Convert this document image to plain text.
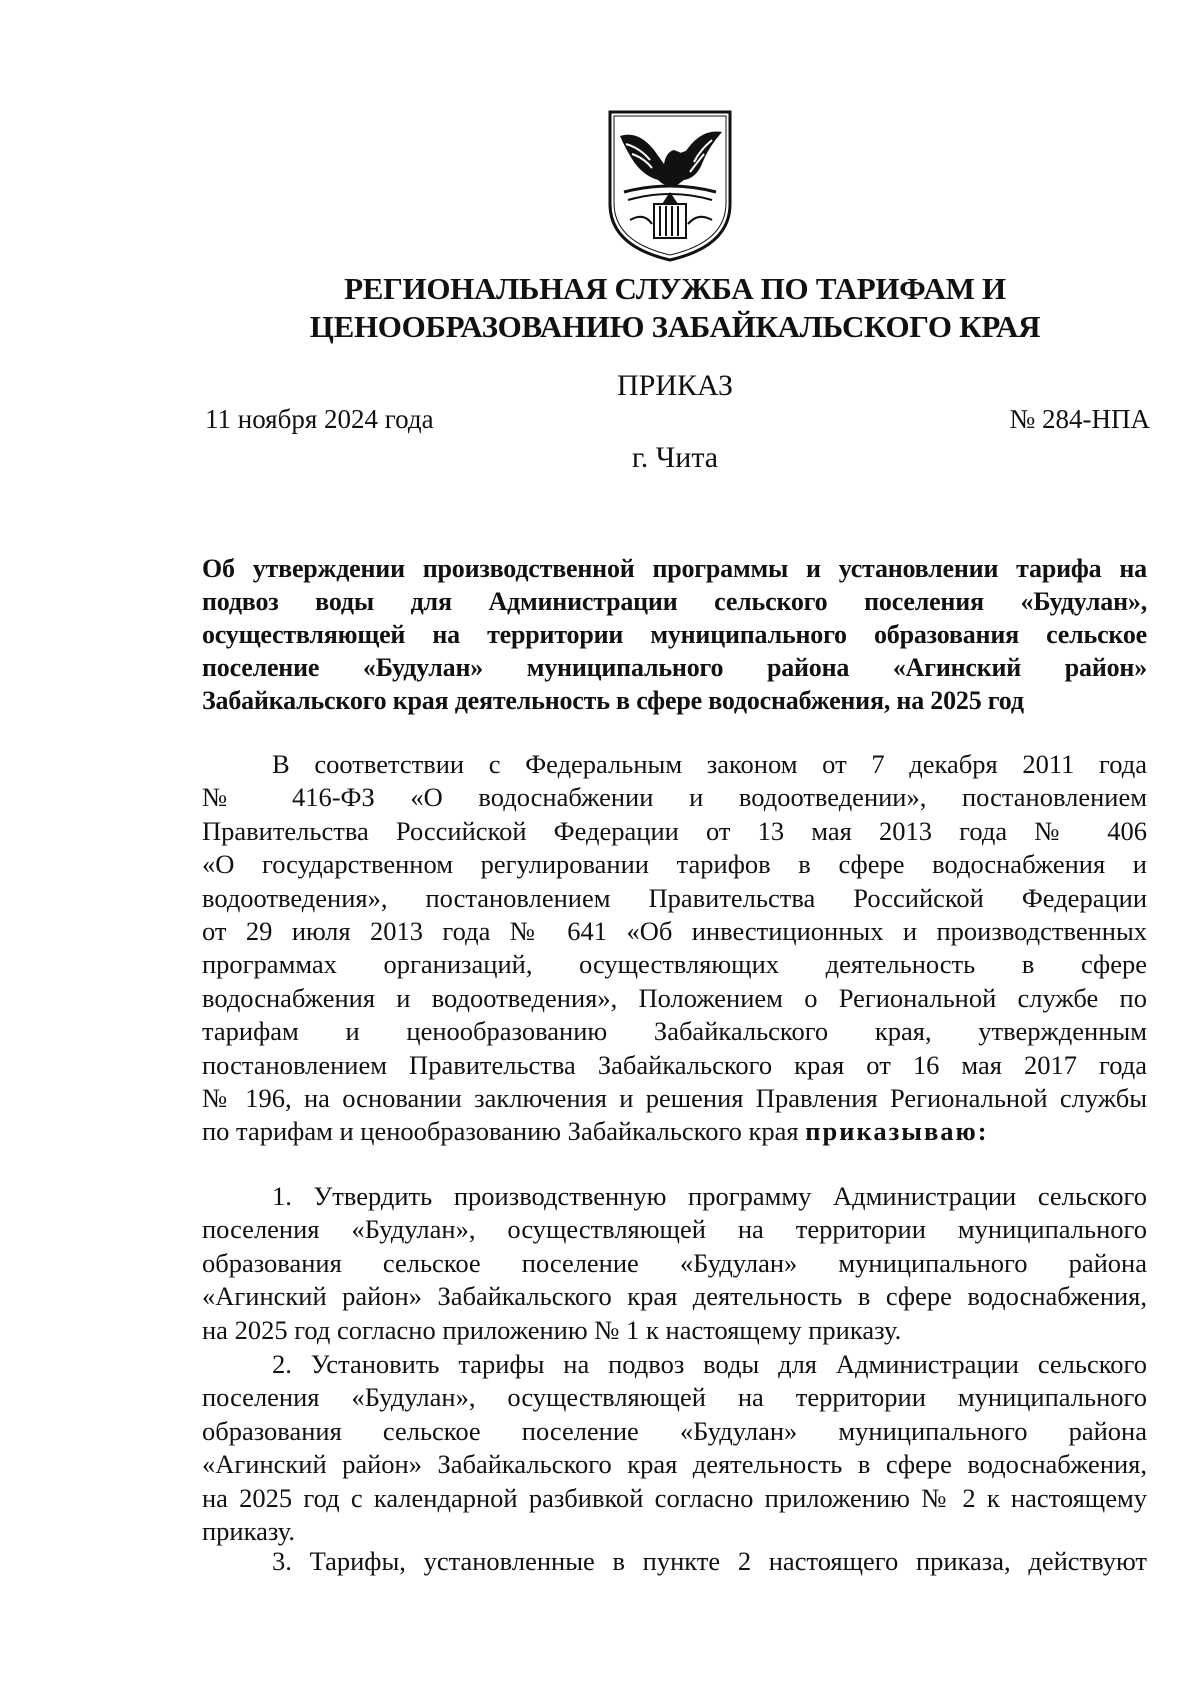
РЕГИОНАЛЬНАЯ СЛУЖБА ПО ТАРИФАМ И
ЦЕНООБРАЗОВАНИЮ ЗАБАЙКАЛЬСКОГО КРАЯ
ПРИКАЗ
11 ноября 2024 года	№ 284-НПА
г. Чита
Об утверждении производственной программы и установлении тарифа на
подвоз воды для Администрации сельского поселения «Будулан»,
осуществляющей на территории муниципального образования сельское
поселение «Будулан» муниципального района «Агинский район»
Забайкальского края деятельность в сфере водоснабжения, на 2025 год
В соответствии с Федеральным законом от 7 декабря 2011 года
№ 416-ФЗ «О водоснабжении и водоотведении», постановлением
Правительства Российской Федерации от 13 мая 2013 года № 406
«О государственном регулировании тарифов в сфере водоснабжения и
водоотведения», постановлением Правительства Российской Федерации
от 29 июля 2013 года № 641 «Об инвестиционных и производственных
программах организаций, осуществляющих деятельность в сфере
водоснабжения и водоотведения», Положением о Региональной службе по
тарифам и ценообразованию Забайкальского края, утвержденным
постановлением Правительства Забайкальского края от 16 мая 2017 года
№ 196, на основании заключения и решения Правления Региональной службы
по тарифам и ценообразованию Забайкальского края приказываю:
1. Утвердить производственную программу Администрации сельского
поселения «Будулан», осуществляющей на территории муниципального
образования сельское поселение «Будулан» муниципального района
«Агинский район» Забайкальского края деятельность в сфере водоснабжения,
на 2025 год согласно приложению № 1 к настоящему приказу.
2. Установить тарифы на подвоз воды для Администрации сельского
поселения «Будулан», осуществляющей на территории муниципального
образования сельское поселение «Будулан» муниципального района
«Агинский район» Забайкальского края деятельность в сфере водоснабжения,
на 2025 год с календарной разбивкой согласно приложению № 2 к настоящему
приказу.
3. Тарифы, установленные в пункте 2 настоящего приказа, действуют
